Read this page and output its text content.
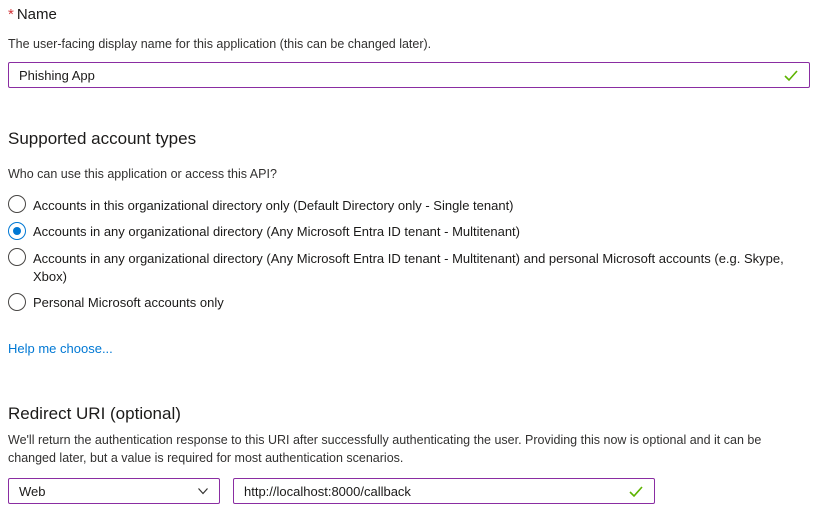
* Name
The user-facing display name for this application (this can be changed later).
Phishing App
Supported account types
Who can use this application or access this API?
Accounts in this organizational directory only (Default Directory only - Single tenant)
Accounts in any organizational directory (Any Microsoft Entra ID tenant - Multitenant)
Accounts in any organizational directory (Any Microsoft Entra ID tenant - Multitenant) and personal Microsoft accounts (e.g. Skype, Xbox)
Personal Microsoft accounts only
Help me choose...
Redirect URI (optional)
We'll return the authentication response to this URI after successfully authenticating the user. Providing this now is optional and it can be changed later, but a value is required for most authentication scenarios.
Web
http://localhost:8000/callback
